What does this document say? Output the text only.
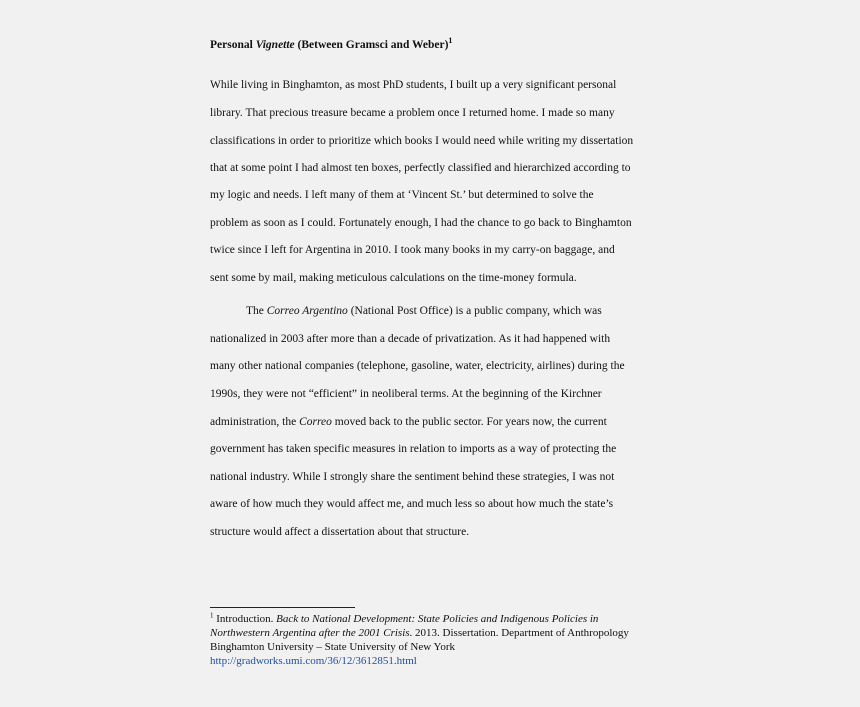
Personal Vignette (Between Gramsci and Weber)$^1$
While living in Binghamton, as most PhD students, I built up a very significant personal
library. That precious treasure became a problem once I returned home. I made so many
classifications in order to prioritize which books I would need while writing my dissertation
that at some point I had almost ten boxes, perfectly classified and hierarchized according to
my logic and needs. I left many of them at ‘Vincent St.’ but determined to solve the
problem as soon as I could. Fortunately enough, I had the chance to go back to Binghamton
twice since I left for Argentina in 2010. I took many books in my carry-on baggage, and
sent some by mail, making meticulous calculations on the time-money formula.
The Correo Argentino (National Post Office) is a public company, which was
nationalized in 2003 after more than a decade of privatization. As it had happened with
many other national companies (telephone, gasoline, water, electricity, airlines) during the
1990s, they were not “efficient” in neoliberal terms. At the beginning of the Kirchner
administration, the Correo moved back to the public sector. For years now, the current
government has taken specific measures in relation to imports as a way of protecting the
national industry. While I strongly share the sentiment behind these strategies, I was not
aware of how much they would affect me, and much less so about how much the state’s
structure would affect a dissertation about that structure.
$^1$ Introduction. Back to National Development: State Policies and Indigenous Policies in
Northwestern Argentina after the 2001 Crisis. 2013. Dissertation. Department of Anthropology
Binghamton University – State University of New York
http://gradworks.umi.com/36/12/3612851.html
